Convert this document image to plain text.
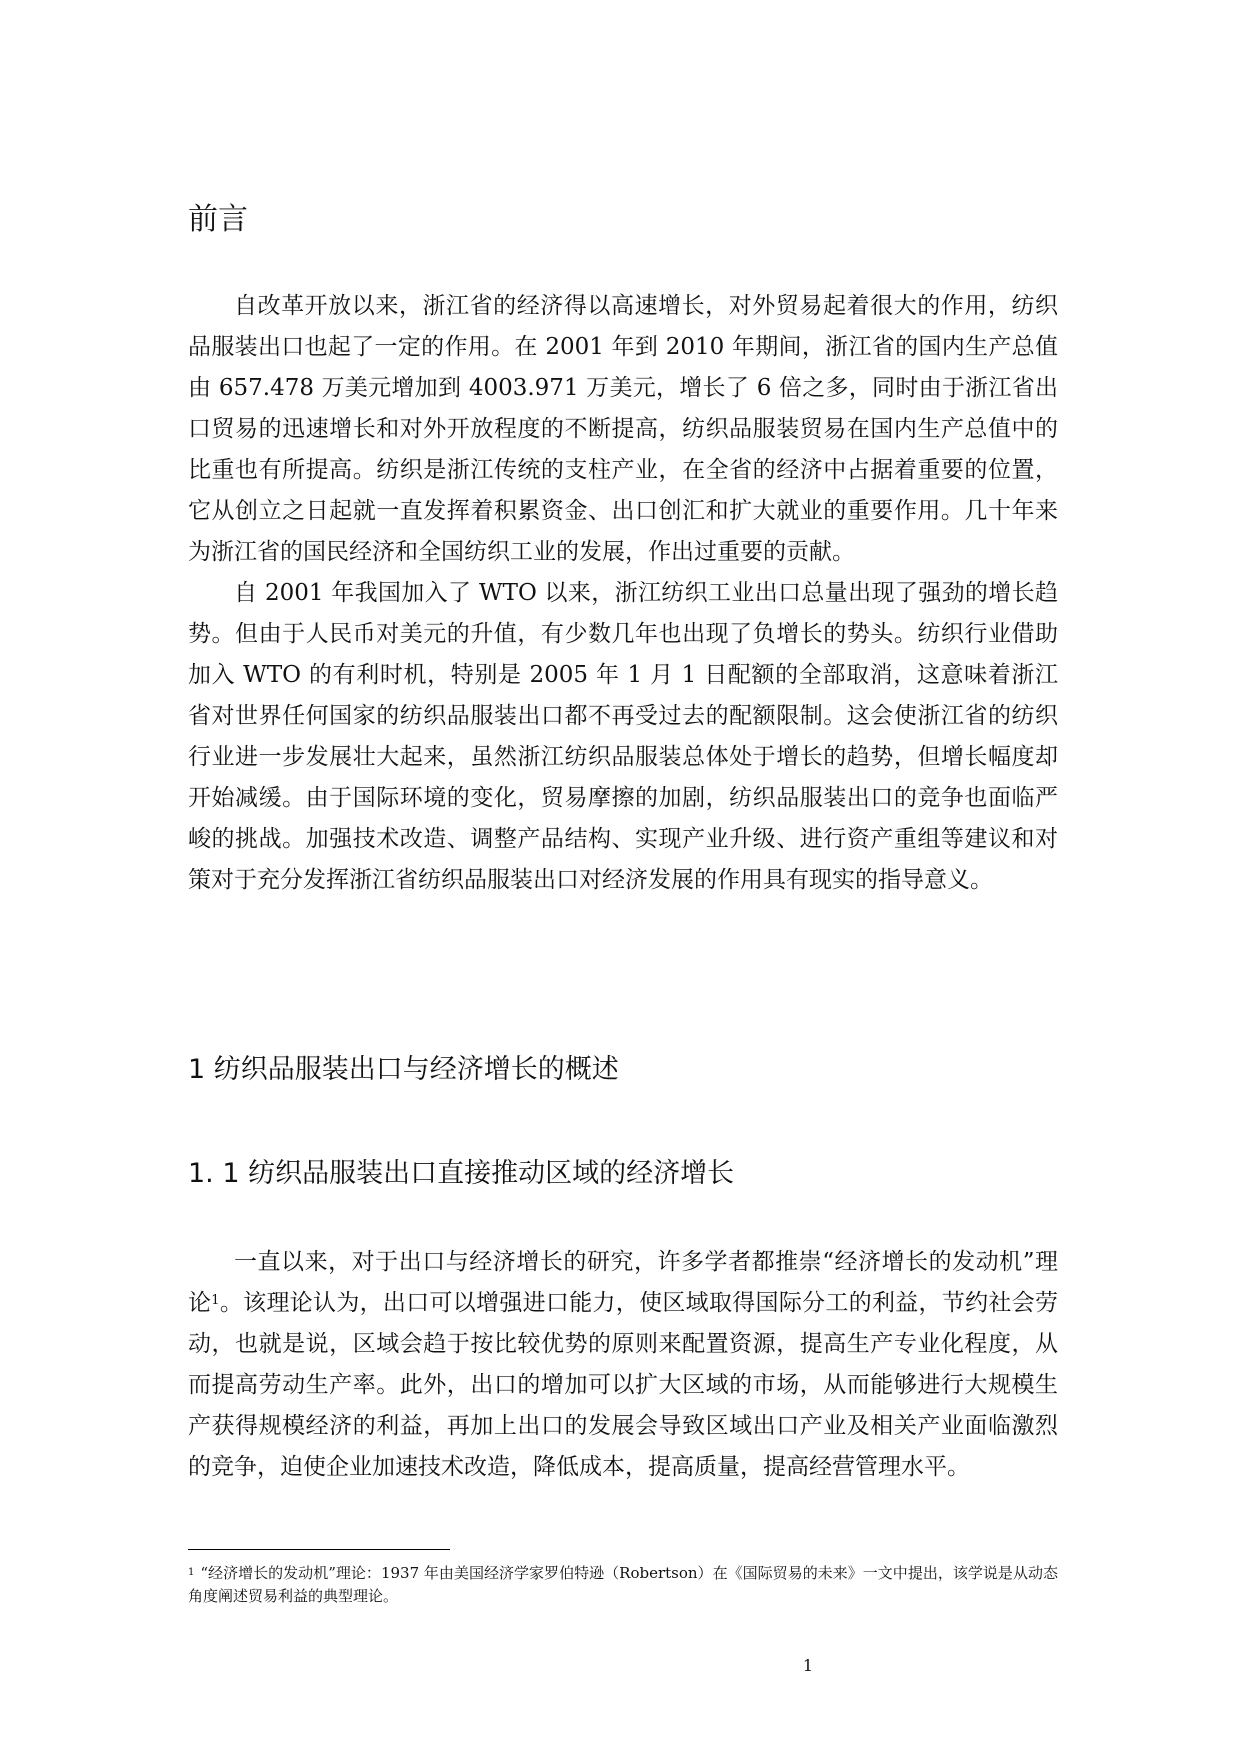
前言

自改革开放以来，浙江省的经济得以高速增长，对外贸易起着很大的作用，纺织品服装出口也起了一定的作用。在 2001 年到 2010 年期间，浙江省的国内生产总值由 657.478 万美元增加到 4003.971 万美元，增长了 6 倍之多，同时由于浙江省出口贸易的迅速增长和对外开放程度的不断提高，纺织品服装贸易在国内生产总值中的比重也有所提高。纺织是浙江传统的支柱产业，在全省的经济中占据着重要的位置，它从创立之日起就一直发挥着积累资金、出口创汇和扩大就业的重要作用。几十年来为浙江省的国民经济和全国纺织工业的发展，作出过重要的贡献。

自 2001 年我国加入了 WTO 以来，浙江纺织工业出口总量出现了强劲的增长趋势。但由于人民币对美元的升值，有少数几年也出现了负增长的势头。纺织行业借助加入 WTO 的有利时机，特别是 2005 年 1 月 1 日配额的全部取消，这意味着浙江省对世界任何国家的纺织品服装出口都不再受过去的配额限制。这会使浙江省的纺织行业进一步发展壮大起来，虽然浙江纺织品服装总体处于增长的趋势，但增长幅度却开始减缓。由于国际环境的变化，贸易摩擦的加剧，纺织品服装出口的竞争也面临严峻的挑战。加强技术改造、调整产品结构、实现产业升级、进行资产重组等建议和对策对于充分发挥浙江省纺织品服装出口对经济发展的作用具有现实的指导意义。

1 纺织品服装出口与经济增长的概述
1. 1 纺织品服装出口直接推动区域的经济增长

一直以来，对于出口与经济增长的研究，许多学者都推崇“经济增长的发动机”理论$^1$。该理论认为，出口可以增强进口能力，使区域取得国际分工的利益，节约社会劳动，也就是说，区域会趋于按比较优势的原则来配置资源，提高生产专业化程度，从而提高劳动生产率。此外，出口的增加可以扩大区域的市场，从而能够进行大规模生产获得规模经济的利益，再加上出口的发展会导致区域出口产业及相关产业面临激烈的竞争，迫使企业加速技术改造，降低成本，提高质量，提高经营管理水平。

$^1$ “经济增长的发动机”理论：1937 年由美国经济学家罗伯特逊（Robertson）在《国际贸易的未来》一文中提出，该学说是从动态角度阐述贸易利益的典型理论。

1
